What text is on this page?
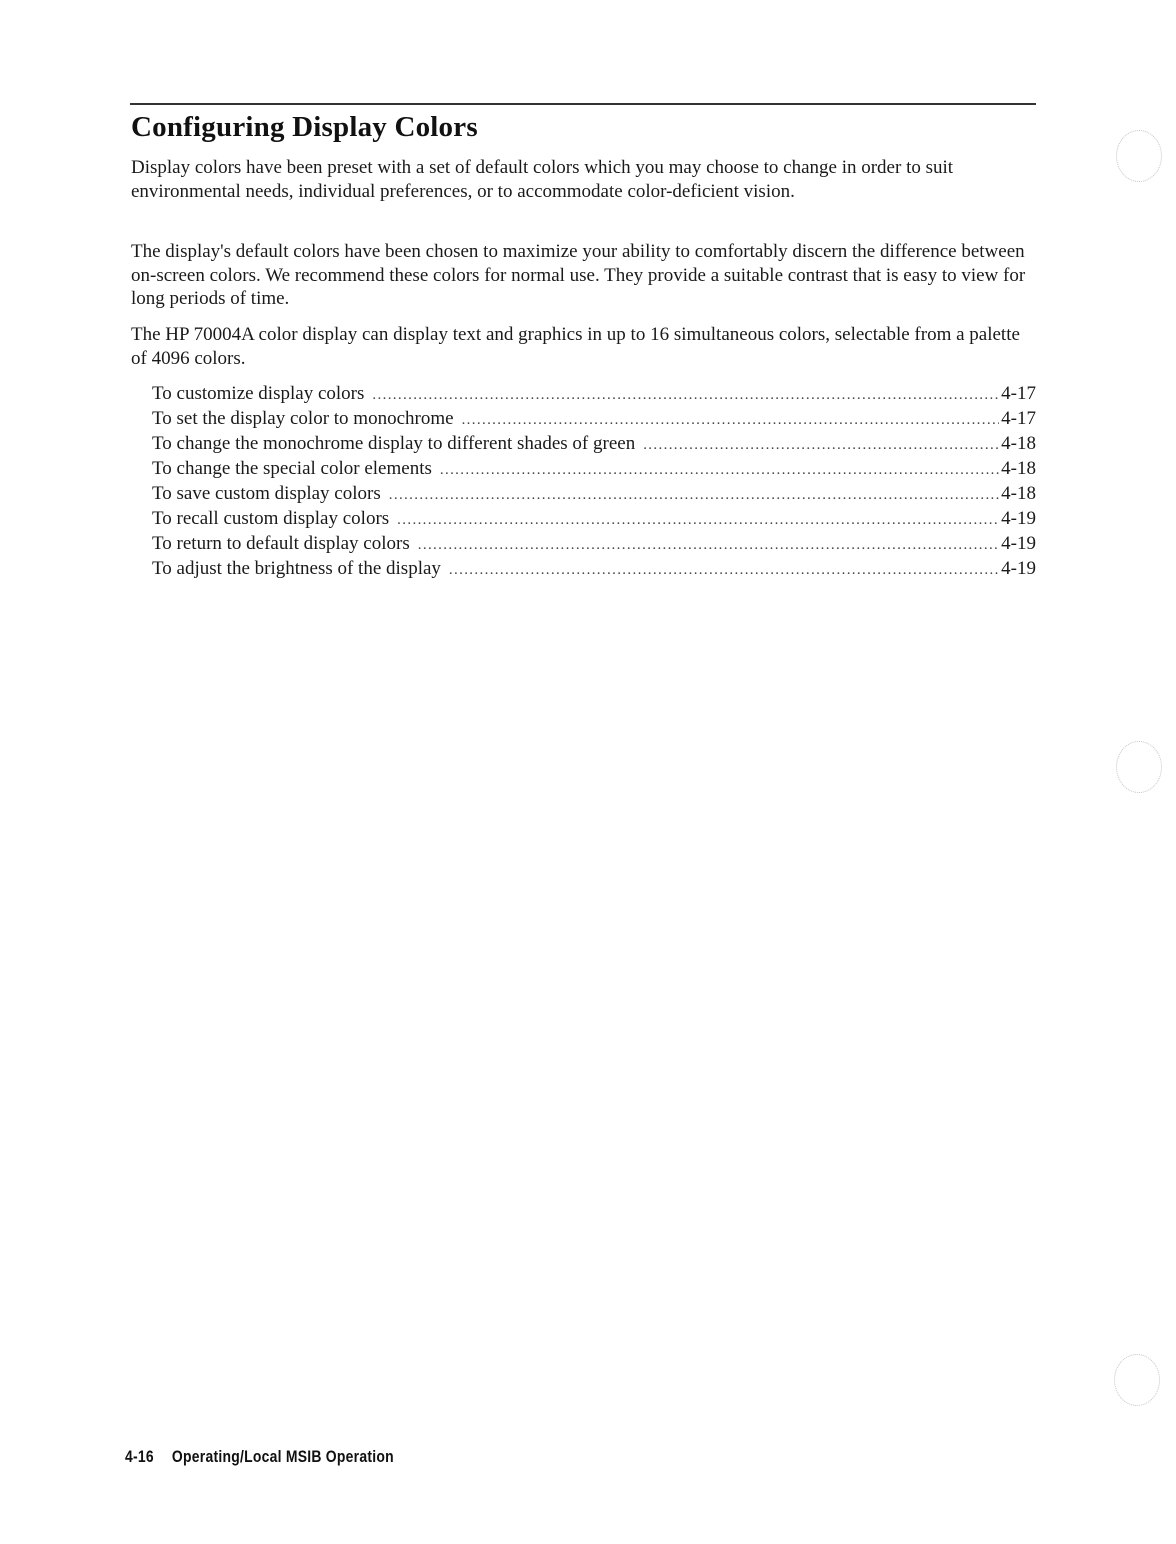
Configuring Display Colors

Display colors have been preset with a set of default colors which you may choose to change in order to suit environmental needs, individual preferences, or to accommodate color-deficient vision.

The display's default colors have been chosen to maximize your ability to comfortably discern the difference between on-screen colors. We recommend these colors for normal use. They provide a suitable contrast that is easy to view for long periods of time.

The HP 70004A color display can display text and graphics in up to 16 simultaneous colors, selectable from a palette of 4096 colors.

To customize display colors . . .	4-17
To set the display color to monochrome . . .	4-17
To change the monochrome display to different shades of green . . .	4-18
To change the special color elements . . .	4-18
To save custom display colors . . .	4-18
To recall custom display colors . . .	4-19
To return to default display colors . . .	4-19
To adjust the brightness of the display . . .	4-19

4-16 Operating/Local MSIB Operation
